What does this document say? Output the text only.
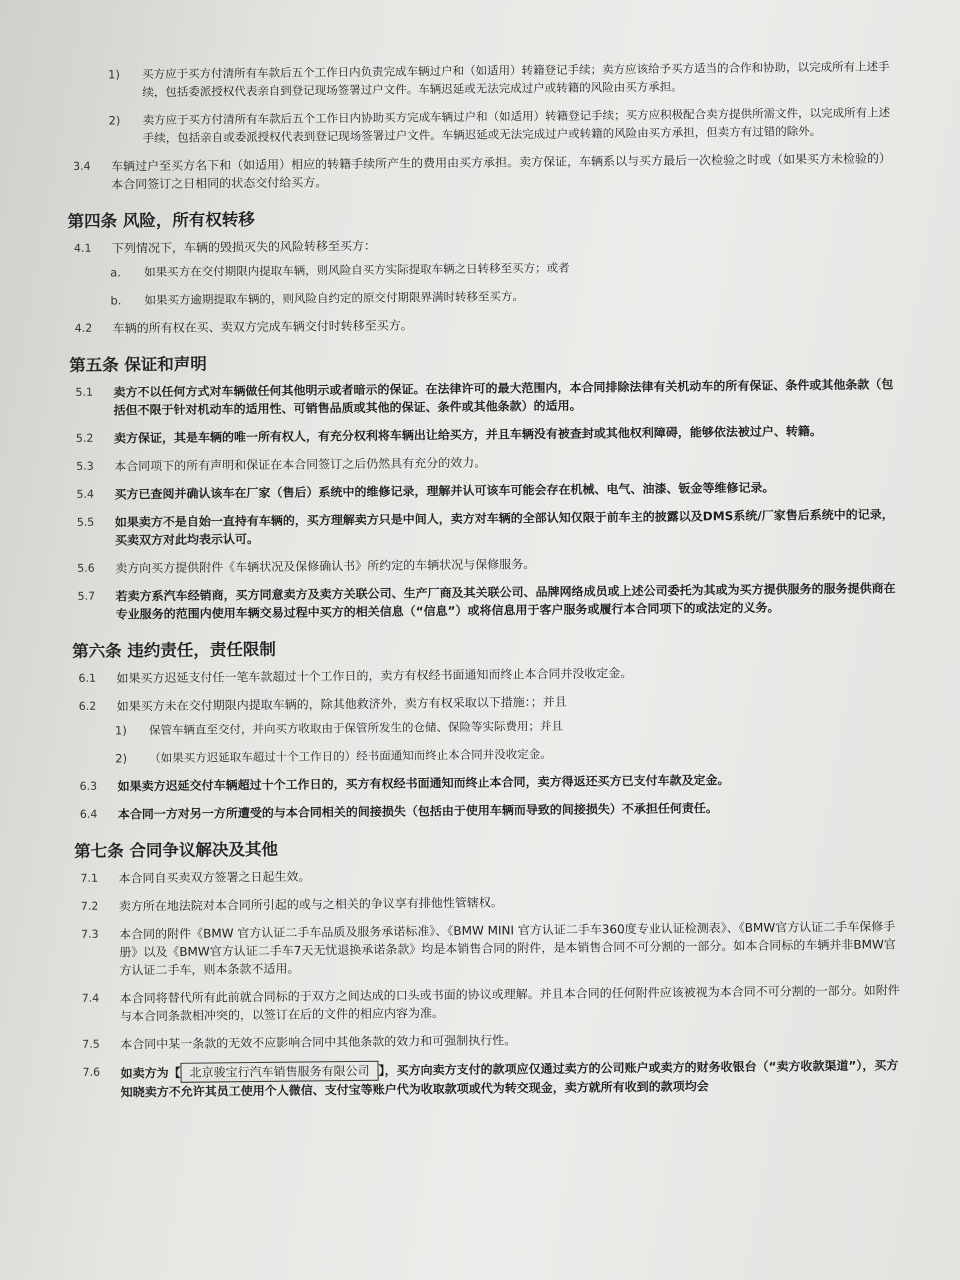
1)	买方应于买方付清所有车款后五个工作日内负责完成车辆过户和（如适用）转籍登记手续；卖方应该给予买方适当的合作和协助，以完成所有上述手续，包括委派授权代表亲自到登记现场签署过户文件。车辆迟延或无法完成过户或转籍的风险由买方承担。
2)	卖方应于买方付清所有车款后五个工作日内协助买方完成车辆过户和（如适用）转籍登记手续；买方应积极配合卖方提供所需文件，以完成所有上述手续，包括亲自或委派授权代表到登记现场签署过户文件。车辆迟延或无法完成过户或转籍的风险由买方承担，但卖方有过错的除外。
3.4	车辆过户至买方名下和（如适用）相应的转籍手续所产生的费用由买方承担。卖方保证，车辆系以与买方最后一次检验之时或（如果买方未检验的）本合同签订之日相同的状态交付给买方。
第四条 风险，所有权转移
4.1	下列情况下，车辆的毁损灭失的风险转移至买方：
a.	如果买方在交付期限内提取车辆，则风险自买方实际提取车辆之日转移至买方；或者
b.	如果买方逾期提取车辆的，则风险自约定的原交付期限界满时转移至买方。
4.2	车辆的所有权在买、卖双方完成车辆交付时转移至买方。
第五条 保证和声明
5.1	卖方不以任何方式对车辆做任何其他明示或者暗示的保证。在法律许可的最大范围内，本合同排除法律有关机动车的所有保证、条件或其他条款（包括但不限于针对机动车的适用性、可销售品质或其他的保证、条件或其他条款）的适用。
5.2	卖方保证，其是车辆的唯一所有权人，有充分权利将车辆出让给买方，并且车辆没有被查封或其他权利障碍，能够依法被过户、转籍。
5.3	本合同项下的所有声明和保证在本合同签订之后仍然具有充分的效力。
5.4	买方已查阅并确认该车在厂家（售后）系统中的维修记录，理解并认可该车可能会存在机械、电气、油漆、钣金等维修记录。
5.5	如果卖方不是自始一直持有车辆的，买方理解卖方只是中间人，卖方对车辆的全部认知仅限于前车主的披露以及DMS系统/厂家售后系统中的记录，买卖双方对此均表示认可。
5.6	卖方向买方提供附件《车辆状况及保修确认书》所约定的车辆状况与保修服务。
5.7	若卖方系汽车经销商，买方同意卖方及卖方关联公司、生产厂商及其关联公司、品牌网络成员或上述公司委托为其或为买方提供服务的服务提供商在专业服务的范围内使用车辆交易过程中买方的相关信息（“信息”）或将信息用于客户服务或履行本合同项下的或法定的义务。
第六条 违约责任，责任限制
6.1	如果买方迟延支付任一笔车款超过十个工作日的，卖方有权经书面通知而终止本合同并没收定金。
6.2	如果买方未在交付期限内提取车辆的，除其他救济外，卖方有权采取以下措施：；并且
1)	保管车辆直至交付，并向买方收取由于保管所发生的仓储、保险等实际费用；并且
2)	（如果买方迟延取车超过十个工作日的）经书面通知而终止本合同并没收定金。
6.3	如果卖方迟延交付车辆超过十个工作日的，买方有权经书面通知而终止本合同，卖方得返还买方已支付车款及定金。
6.4	本合同一方对另一方所遭受的与本合同相关的间接损失（包括由于使用车辆而导致的间接损失）不承担任何责任。
第七条 合同争议解决及其他
7.1	本合同自买卖双方签署之日起生效。
7.2	卖方所在地法院对本合同所引起的或与之相关的争议享有排他性管辖权。
7.3	本合同的附件《BMW 官方认证二手车品质及服务承诺标准》、《BMW MINI 官方认证二手车360度专业认证检测表》、《BMW官方认证二手车保修手册》以及《BMW官方认证二手车7天无忧退换承诺条款》均是本销售合同的附件，是本销售合同不可分割的一部分。如本合同标的车辆并非BMW官方认证二手车，则本条款不适用。
7.4	本合同将替代所有此前就合同标的于双方之间达成的口头或书面的协议或理解。并且本合同的任何附件应该被视为本合同不可分割的一部分。如附件与本合同条款相冲突的，以签订在后的文件的相应内容为准。
7.5	本合同中某一条款的无效不应影响合同中其他条款的效力和可强制执行性。
7.6	如卖方为【 北京骏宝行汽车销售服务有限公司 】，买方向卖方支付的款项应仅通过卖方的公司账户或卖方的财务收银台（“卖方收款渠道”），买方知晓卖方不允许其员工使用个人微信、支付宝等账户代为收取款项或代为转交现金，卖方就所有收到的款项均会
